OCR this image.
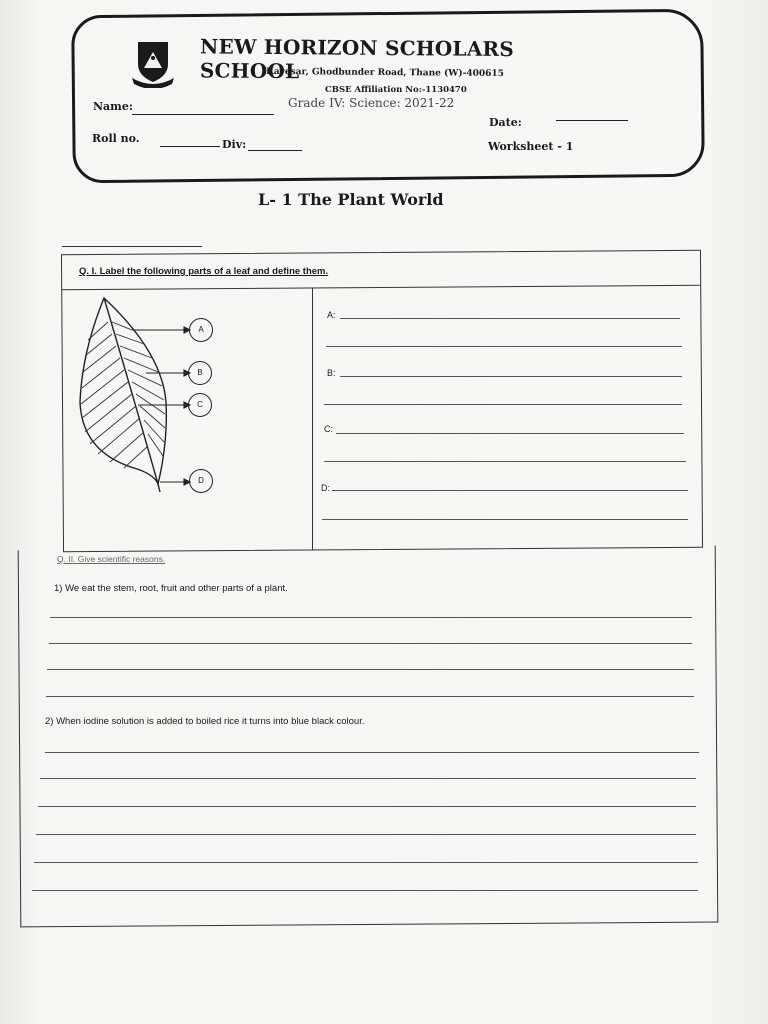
NEW HORIZON SCHOLARS SCHOOL
Kavesar, Ghodbunder Road, Thane (W)-400615
CBSE Affiliation No:-1130470
Grade IV: Science: 2021-22
Name:
Roll no.	Div:
Date:
Worksheet - 1
L- 1 The Plant World
Q. I. Label the following parts of a leaf and define them.
A
B
C
D
A:
B:
C:
D:
Q. II. Give scientific reasons.
1) We eat the stem, root, fruit and other parts of a plant.
2) When iodine solution is added to boiled rice it turns into blue black colour.
